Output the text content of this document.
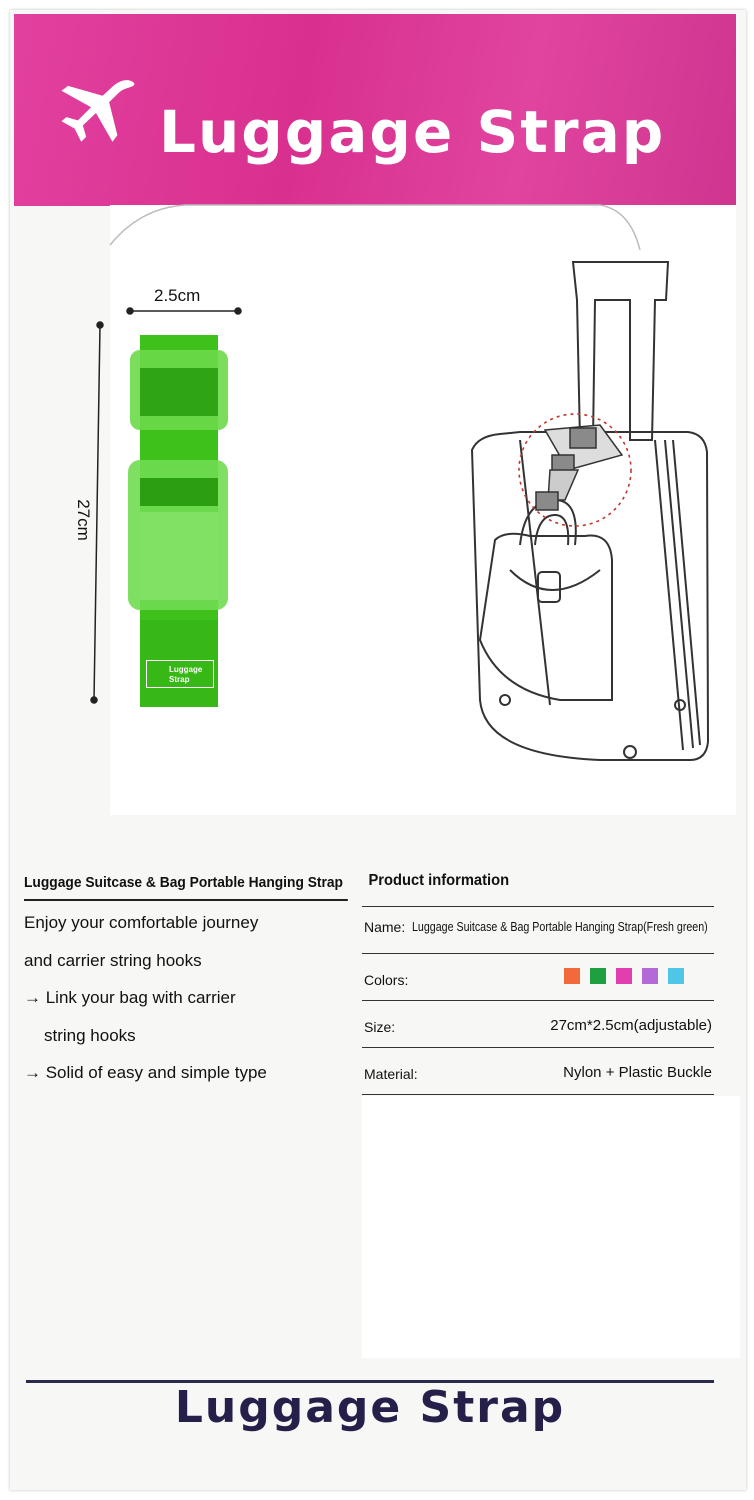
Luggage Strap
2.5cm
27cm
Luggage Strap
Luggage Suitcase & Bag Portable Hanging Strap
Enjoy your comfortable journey
and carrier string hooks
→ Link your bag with carrier
string hooks
→ Solid of easy and simple type
Product information
Name: Luggage Suitcase & Bag Portable Hanging Strap(Fresh green)
Colors:
Size:	27cm*2.5cm(adjustable)
Material:	Nylon + Plastic Buckle
Luggage Strap
